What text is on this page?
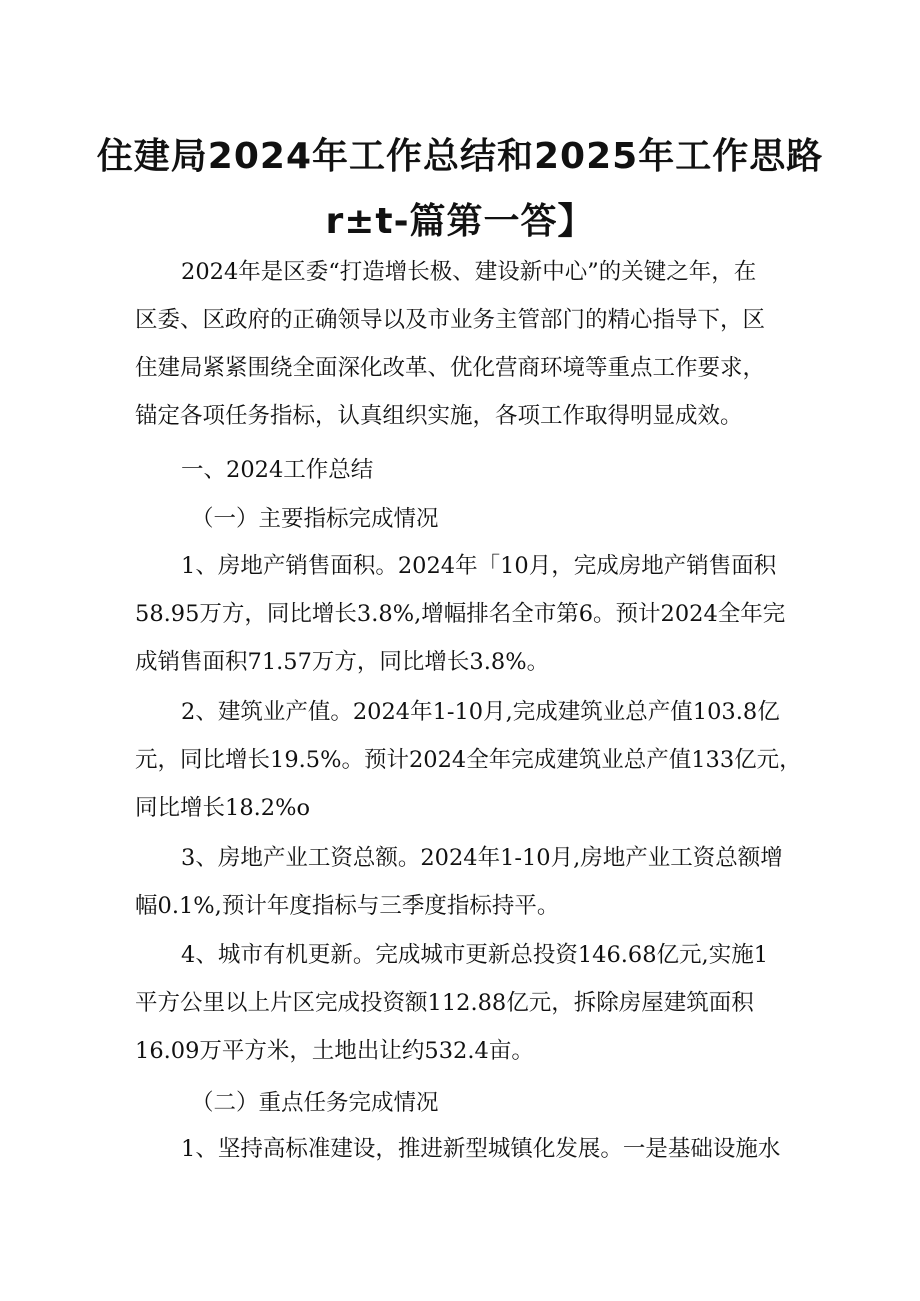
住建局2024年工作总结和2025年工作思路
r±t-篇第一答】
2024年是区委“打造增长极、建设新中心”的关键之年，在
区委、区政府的正确领导以及市业务主管部门的精心指导下，区
住建局紧紧围绕全面深化改革、优化营商环境等重点工作要求，
锚定各项任务指标，认真组织实施，各项工作取得明显成效。
一、2024工作总结
（一）主要指标完成情况
1、房地产销售面积。2024年「10月，完成房地产销售面积
58.95万方，同比增长3.8%,增幅排名全市第6。预计2024全年完
成销售面积71.57万方，同比增长3.8%。
2、建筑业产值。2024年1-10月,完成建筑业总产值103.8亿
元，同比增长19.5%。预计2024全年完成建筑业总产值133亿元，
同比增长18.2%o
3、房地产业工资总额。2024年1-10月,房地产业工资总额增
幅0.1%,预计年度指标与三季度指标持平。
4、城市有机更新。完成城市更新总投资146.68亿元,实施1
平方公里以上片区完成投资额112.88亿元，拆除房屋建筑面积
16.09万平方米，土地出让约532.4亩。
（二）重点任务完成情况
1、坚持高标准建设，推进新型城镇化发展。一是基础设施水
